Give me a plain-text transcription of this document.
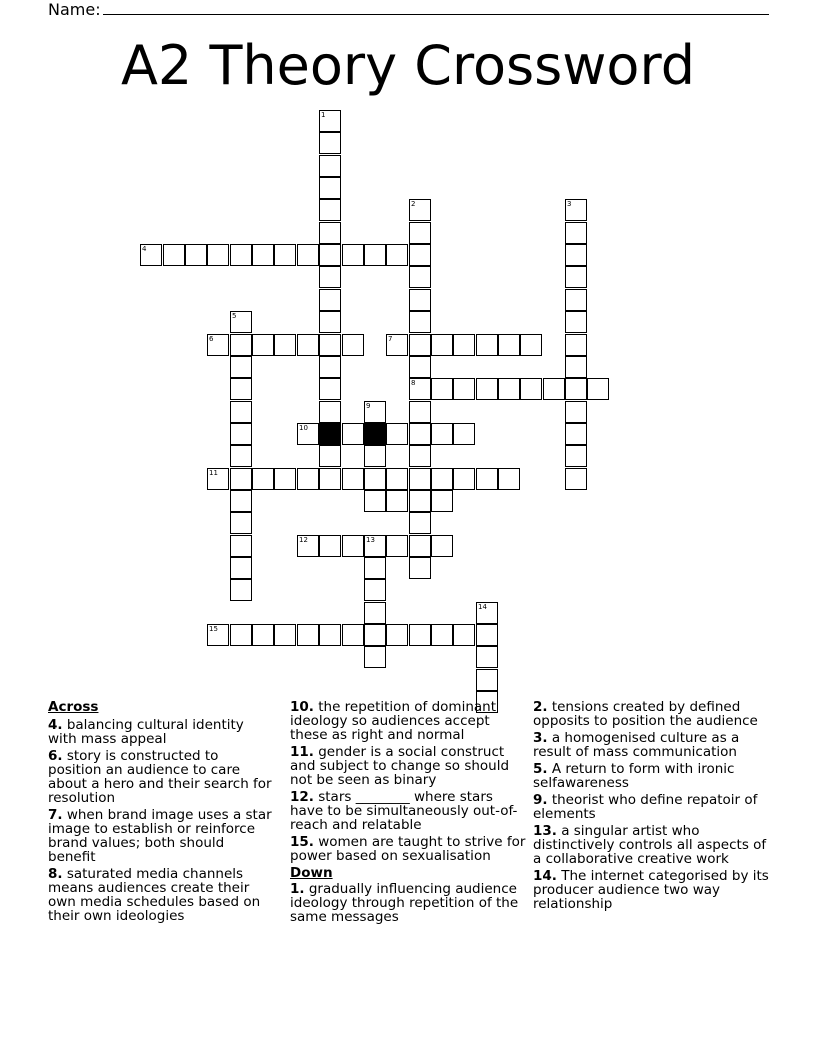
Name:
A2 Theory Crossword
4
6	7
8
10
11
12	13
15
1
2	3
5
9
14
Across
4. balancing cultural identity with mass appeal
6. story is constructed to position an audience to care about a hero and their search for resolution
7. when brand image uses a star image to establish or reinforce brand values; both should benefit
8. saturated media channels means audiences create their own media schedules based on their own ideologies
10. the repetition of dominant ideology so audiences accept these as right and normal
11. gender is a social construct and subject to change so should not be seen as binary
12. stars ________ where stars have to be simultaneously out-of-reach and relatable
15. women are taught to strive for power based on sexualisation
Down
1. gradually influencing audience ideology through repetition of the same messages
2. tensions created by defined opposits to position the audience
3. a homogenised culture as a result of mass communication
5. A return to form with ironic selfawareness
9. theorist who define repatoir of elements
13. a singular artist who distinctively controls all aspects of a collaborative creative work
14. The internet categorised by its producer audience two way relationship
